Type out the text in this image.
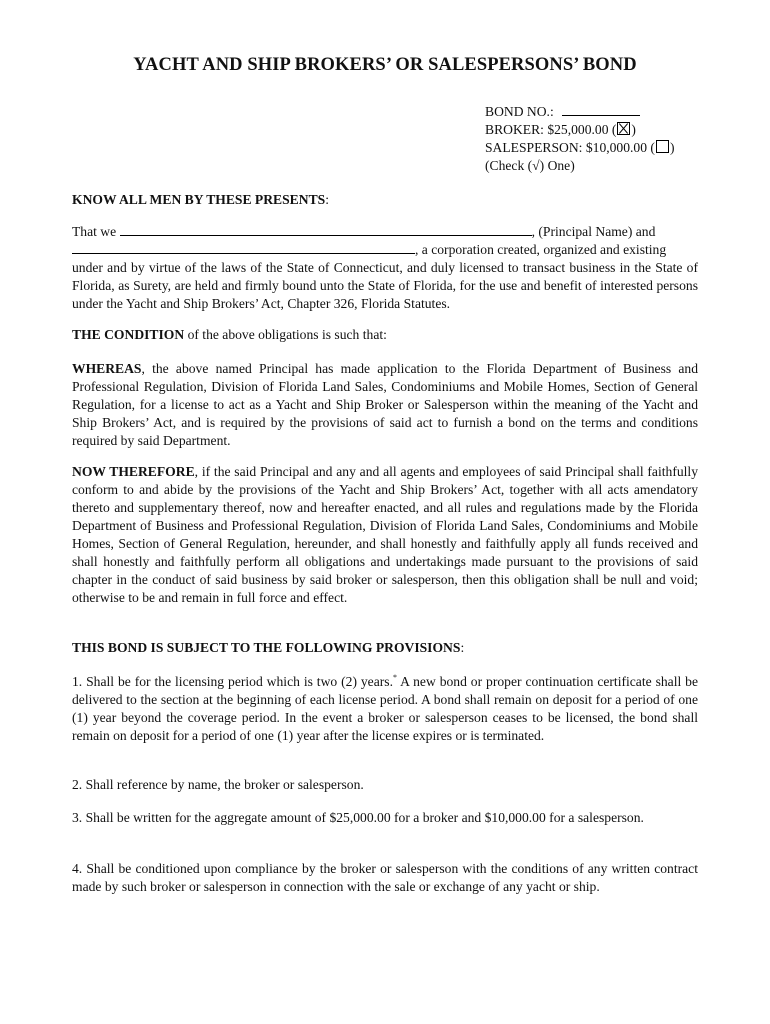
YACHT AND SHIP BROKERS’ OR SALESPERSONS’ BOND
BOND NO.:
BROKER: $25,000.00 ( )
SALESPERSON: $10,000.00 ( )
(Check (√) One)
KNOW ALL MEN BY THESE PRESENTS:
That we	, (Principal Name) and
, a corporation created, organized and existing

under and by virtue of the laws of the State of Connecticut, and duly licensed to transact business in the State of Florida, as Surety, are held and firmly bound unto the State of Florida, for the use and benefit of interested persons under the Yacht and Ship Brokers’ Act, Chapter 326, Florida Statutes.

THE CONDITION of the above obligations is such that:

WHEREAS, the above named Principal has made application to the Florida Department of Business and Professional Regulation, Division of Florida Land Sales, Condominiums and Mobile Homes, Section of General Regulation, for a license to act as a Yacht and Ship Broker or Salesperson within the meaning of the Yacht and Ship Brokers’ Act, and is required by the provisions of said act to furnish a bond on the terms and conditions required by said Department.

NOW THEREFORE, if the said Principal and any and all agents and employees of said Principal shall faithfully conform to and abide by the provisions of the Yacht and Ship Brokers’ Act, together with all acts amendatory thereto and supplementary thereof, now and hereafter enacted, and all rules and regulations made by the Florida Department of Business and Professional Regulation, Division of Florida Land Sales, Condominiums and Mobile Homes, Section of General Regulation, hereunder, and shall honestly and faithfully apply all funds received and shall honestly and faithfully perform all obligations and undertakings made pursuant to the provisions of said chapter in the conduct of said business by said broker or salesperson, then this obligation shall be null and void; otherwise to be and remain in full force and effect.

THIS BOND IS SUBJECT TO THE FOLLOWING PROVISIONS:

1. Shall be for the licensing period which is two (2) years.* A new bond or proper continuation certificate shall be delivered to the section at the beginning of each license period. A bond shall remain on deposit for a period of one (1) year beyond the coverage period. In the event a broker or salesperson ceases to be licensed, the bond shall remain on deposit for a period of one (1) year after the license expires or is terminated.

2. Shall reference by name, the broker or salesperson.

3. Shall be written for the aggregate amount of $25,000.00 for a broker and $10,000.00 for a salesperson.

4. Shall be conditioned upon compliance by the broker or salesperson with the conditions of any written contract made by such broker or salesperson in connection with the sale or exchange of any yacht or ship.
